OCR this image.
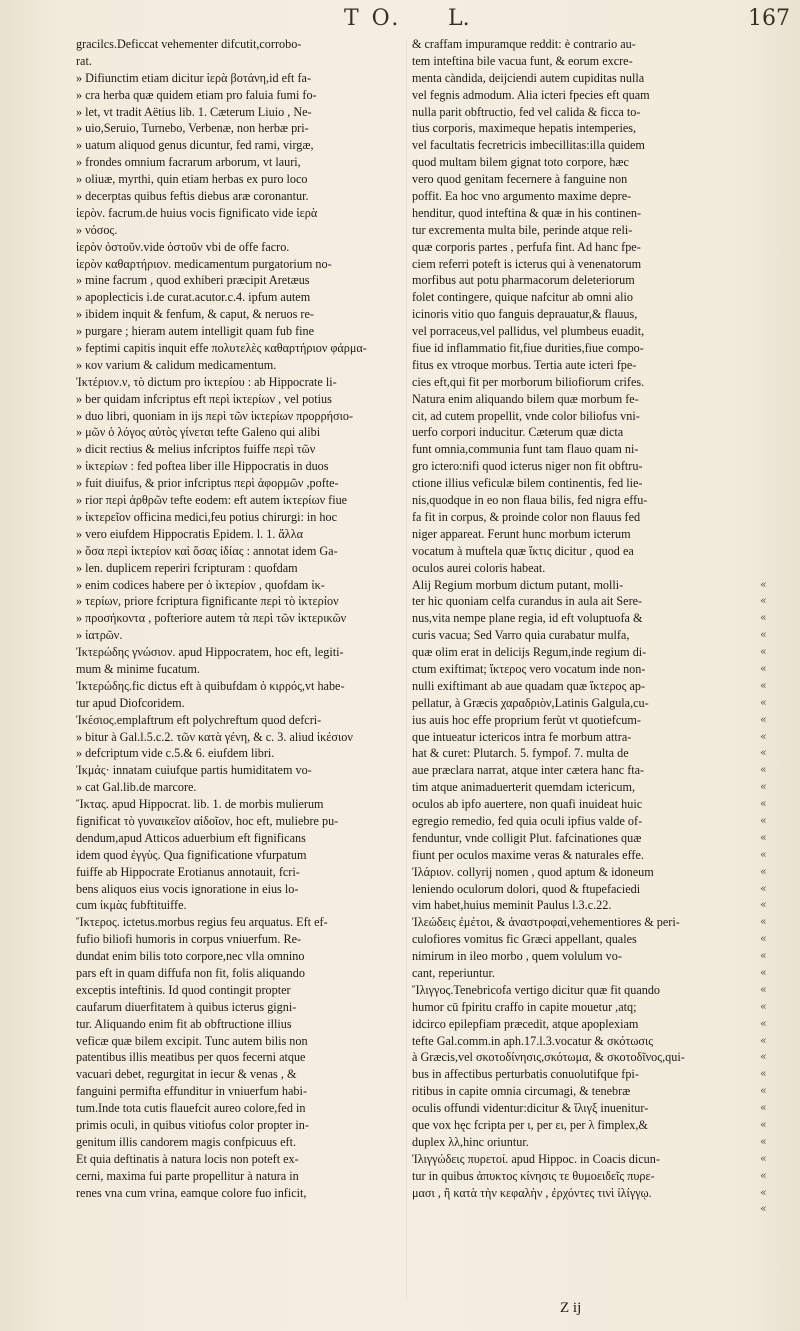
T O. L.	167
gracilcs.Deficcat vehementer difcutit,corrobo-
rat.
» Difiunctim etiam dicitur ἱερὰ βοτάνη,id eft fa-
» cra herba quæ quidem etiam pro faluia fumi fo-
» let, vt tradit Aëtius lib. 1. Cæterum Liuio , Ne-
» uio,Seruio, Turnebo, Verbenæ, non herbæ pri-
» uatum aliquod genus dicuntur, fed rami, virgæ,
» frondes omnium facrarum arborum, vt lauri,
» oliuæ, myrthi, quin etiam herbas ex puro loco
» decerptas quibus feftis diebus aræ coronantur.
ἱερὸν. facrum.de huius vocis fignificato vide ἱερὰ
» νόσος.
ἱερὸν ὀστοῦν.vide ὀστοῦν vbi de offe facro.
ἱερὸν καθαρτήριον. medicamentum purgatorium no-
» mine facrum , quod exhiberi præcipit Aretæus
» apoplecticis i.de curat.acutor.c.4. ipfum autem
» ibidem inquit & fenfum, & caput, & neruos re-
» purgare ; hieram autem intelligit quam fub fine
» feptimi capitis inquit effe πολυτελὲς καθαρτήριον φάρμα-
» κον varium & calidum medicamentum.
Ἰκτέριον.ν, τὸ dictum pro ἰκτερίου : ab Hippocrate li-
» ber quidam infcriptus eft περὶ ἰκτερίων , vel potius
» duo libri, quoniam in ijs περὶ τῶν ἰκτερίων προρρήσιο-
» μῶν ὁ λόγος αὐτὸς γίνεται tefte Galeno qui alibi
» dicit rectius & melius infcriptos fuiffe περὶ τῶν
» ἰκτερίων : fed poftea liber ille Hippocratis in duos
» fuit diuifus, & prior infcriptus περὶ ἀφορμῶν ,pofte-
» rior περὶ ἀρθρῶν tefte eodem: eft autem ἰκτερίων fiue
» ἰκτερεῖον officina medici,feu potius chirurgi: in hoc
» vero eiufdem Hippocratis Epidem. l. 1. ἄλλα
» ὅσα περὶ ἰκτερίον καὶ ὅσας ἰδίας : annotat idem Ga-
» len. duplicem reperiri fcripturam : quofdam
» enim codices habere per ὁ ἰκτερίον , quofdam ἰκ-
» τερίων, priore fcriptura fignificante περὶ τὸ ἰκτερίον
» προσήκοντα , pofteriore autem τὰ περὶ τῶν ἰκτερικῶν
» ἰατρῶν.
Ἰκτερώδης γνώσιον. apud Hippocratem, hoc eft, legiti-
mum & minime fucatum.
Ἰκτερώδης.fic dictus eft à quibufdam ὁ κιρρός,vt habe-
tur apud Diofcoridem.
Ἰκέσιος.emplaftrum eft polychreftum quod defcri-
» bitur à Gal.l.5.c.2. τῶν κατὰ γένη, & c. 3. aliud ἱκέσιον
» defcriptum vide c.5.& 6. eiufdem libri.
Ἰκμάς· innatam cuiufque partis humiditatem vo-
» cat Gal.lib.de marcore.
Ἴκτας. apud Hippocrat. lib. 1. de morbis mulierum
fignificat τὸ γυναικεῖον αἰδοῖον, hoc eft, muliebre pu-
dendum,apud Atticos aduerbium eft fignificans
idem quod ἐγγὺς. Qua fignificatione vfurpatum
fuiffe ab Hippocrate Erotianus annotauit, fcri-
bens aliquos eius vocis ignoratione in eius lo-
cum ἰκμὰς fubftituiffe.
Ἴκτερος. ictetus.morbus regius feu arquatus. Eft ef-
fufio biliofi humoris in corpus vniuerfum. Re-
dundat enim bilis toto corpore,nec vlla omnino
pars eft in quam diffufa non fit, folis aliquando
exceptis inteftinis. Id quod contingit propter
caufarum diuerfitatem à quibus icterus gigni-
tur. Aliquando enim fit ab obftructione illius
veficæ quæ bilem excipit. Tunc autem bilis non
patentibus illis meatibus per quos fecerni atque
vacuari debet, regurgitat in iecur & venas , &
fanguini permifta effunditur in vniuerfum habi-
tum.Inde tota cutis flauefcit aureo colore,fed in
primis oculi, in quibus vitiofus color propter in-
genitum illis candorem magis confpicuus eft.
Et quia deftinatis à natura locis non poteft ex-
cerni, maxima fui parte propellitur à natura in
renes vna cum vrina, eamque colore fuo inficit,
& craffam impuramque reddit: è contrario au-
tem inteftina bile vacua funt, & eorum excre-
menta càndida, deijciendi autem cupiditas nulla
vel fegnis admodum. Alia icteri fpecies eft quam
nulla parit obftructio, fed vel calida & ficca to-
tius corporis, maximeque hepatis intemperies,
vel facultatis fecretricis imbecillitas:illa quidem
quod multam bilem gignat toto corpore, hæc
vero quod genitam fecernere à fanguine non
poffit. Ea hoc vno argumento maxime depre-
henditur, quod inteftina & quæ in his continen-
tur excrementa multa bile, perinde atque reli-
quæ corporis partes , perfufa fint. Ad hanc fpe-
ciem referri poteft is icterus qui à venenatorum
morfibus aut potu pharmacorum deleteriorum
folet contingere, quique nafcitur ab omni alio
icinoris vitio quo fanguis deprauatur,& flauus,
vel porraceus,vel pallidus, vel plumbeus euadit,
fiue id inflammatio fit,fiue durities,fiue compo-
fitus ex vtroque morbus. Tertia aute icteri fpe-
cies eft,qui fit per morborum biliofiorum crifes.
Natura enim aliquando bilem quæ morbum fe-
cit, ad cutem propellit, vnde color biliofus vni-
uerfo corpori inducitur. Cæterum quæ dicta
funt omnia,communia funt tam flauo quam ni-
gro ictero:nifi quod icterus niger non fit obftru-
ctione illius veficulæ bilem continentis, fed lie-
nis,quodque in eo non flaua bilis, fed nigra effu-
fa fit in corpus, & proinde color non flauus fed
niger appareat. Ferunt hunc morbum icterum
vocatum à muftela quæ ἴκτις dicitur , quod ea
oculos aurei coloris habeat.
Alij Regium morbum dictum putant, molli-
ter hic quoniam celfa curandus in aula ait Sere-
nus,vita nempe plane regia, id eft voluptuofa &
curis vacua; Sed Varro quia curabatur mulfa,
quæ olim erat in delicijs Regum,inde regium di-
ctum exiftimat; ἴκτερος vero vocatum inde non-
nulli exiftimant ab aue quadam quæ ἴκτερος ap-
pellatur, à Græcis χαραδριὸν,Latinis Galgula,cu-
ius auis hoc effe proprium ferùt vt quotiefcum-
que intueatur ictericos intra fe morbum attra-
hat & curet: Plutarch. 5. fympof. 7. multa de
aue præclara narrat, atque inter cætera hanc fta-
tim atque animaduerterit quemdam ictericum,
oculos ab ipfo auertere, non quafi inuideat huic
egregio remedio, fed quia oculi ipfius valde of-
fenduntur, vnde colligit Plut. fafcinationes quæ
fiunt per oculos maxime veras & naturales effe.
Ἰλάριον. collyrij nomen , quod aptum & idoneum
leniendo oculorum dolori, quod & ftupefaciedi
vim habet,huius meminit Paulus l.3.c.22.
Ἰλεώδεις ἐμέτοι, & ἀναστροφαί,vehementiores & peri-
culofiores vomitus fic Græci appellant, quales
nimirum in ileo morbo , quem volulum vo-
cant, reperiuntur.
Ἴλιγγος.Tenebricofa vertigo dicitur quæ fit quando
humor cū fpiritu craffo in capite mouetur ,atq;
idcirco epilepfiam præcedit, atque apoplexiam
tefte Gal.comm.in aph.17.l.3.vocatur & σκότωσις
à Græcis,vel σκοτοδίνησις,σκότωμα, & σκοτοδῖνος,qui-
bus in affectibus perturbatis conuolutifque fpi-
ritibus in capite omnia circumagi, & tenebræ
oculis offundi videntur:dicitur & ἴλιγξ inuenitur-
que vox hęc fcripta per ι, per ει, per λ fimplex,&
duplex λλ,hinc oriuntur.
Ἰλιγγώδεις πυρετοί. apud Hippoc. in Coacis dicun-
tur in quibus ἀπυκτος κίνησις τε θυμοειδεῖς πυρε-
μασι , ἢ κατὰ τὴν κεφαλὴν , ἐρχόντες τινὶ ἰλίγγῳ.
«
«
«
«
«
«
«
«
«
«
«
«
«
«
«
«
«
«
«
«
«
«
«
«
«
«
«
«
«
«
«
«
«
«
«
«
«
«
Z ij
